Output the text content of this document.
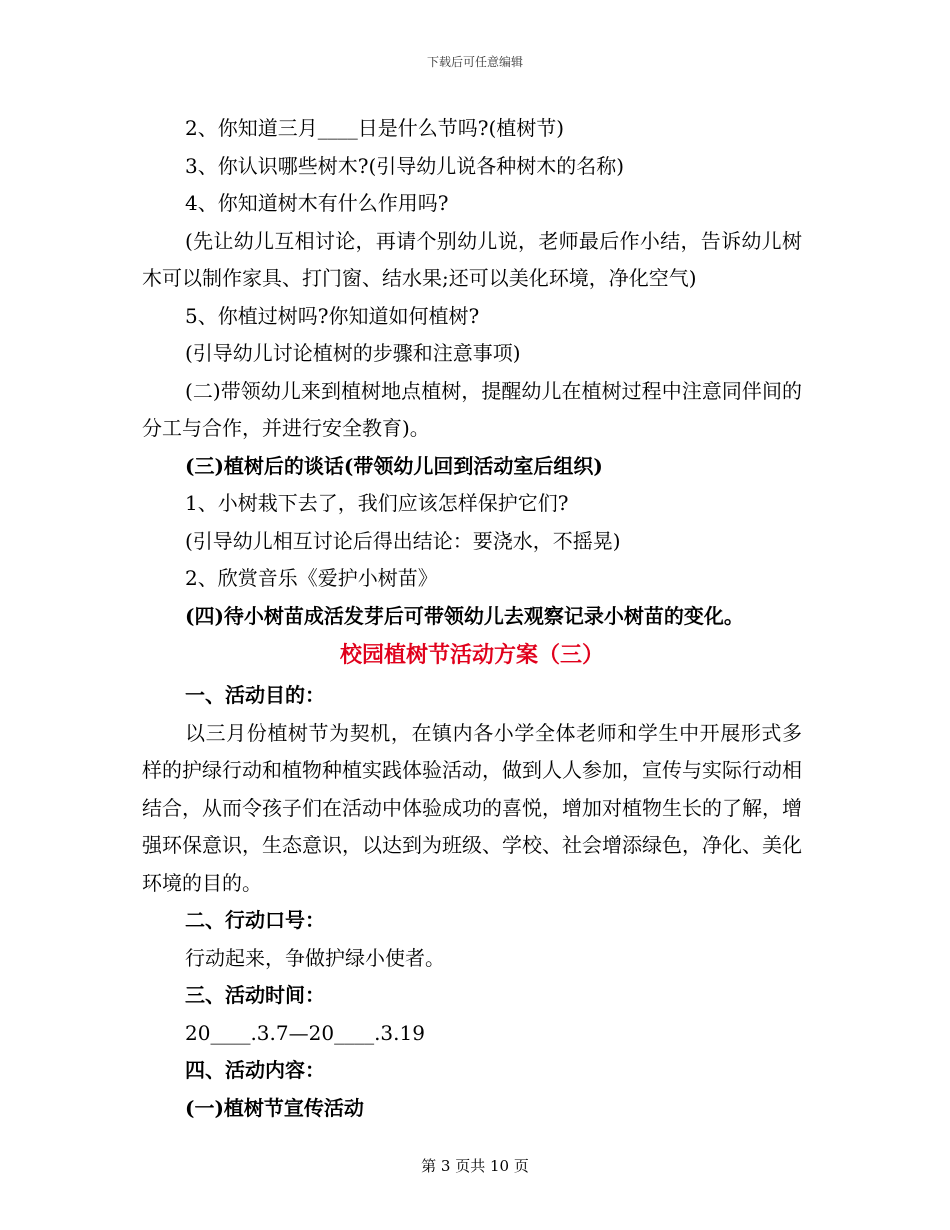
下载后可任意编辑
2、你知道三月____日是什么节吗?(植树节)
3、你认识哪些树木?(引导幼儿说各种树木的名称)
4、你知道树木有什么作用吗?
(先让幼儿互相讨论，再请个别幼儿说，老师最后作小结，告诉幼儿树木可以制作家具、打门窗、结水果;还可以美化环境，净化空气)
5、你植过树吗?你知道如何植树?
(引导幼儿讨论植树的步骤和注意事项)
(二)带领幼儿来到植树地点植树，提醒幼儿在植树过程中注意同伴间的分工与合作，并进行安全教育)。
(三)植树后的谈话(带领幼儿回到活动室后组织)
1、小树栽下去了，我们应该怎样保护它们?
(引导幼儿相互讨论后得出结论：要浇水，不摇晃)
2、欣赏音乐《爱护小树苗》
(四)待小树苗成活发芽后可带领幼儿去观察记录小树苗的变化。
校园植树节活动方案（三）
一、活动目的：
以三月份植树节为契机，在镇内各小学全体老师和学生中开展形式多样的护绿行动和植物种植实践体验活动，做到人人参加，宣传与实际行动相结合，从而令孩子们在活动中体验成功的喜悦，增加对植物生长的了解，增强环保意识，生态意识，以达到为班级、学校、社会增添绿色，净化、美化环境的目的。
二、行动口号：
行动起来，争做护绿小使者。
三、活动时间：
20____.3.7—20____.3.19
四、活动内容：
(一)植树节宣传活动
第 3 页共 10 页
